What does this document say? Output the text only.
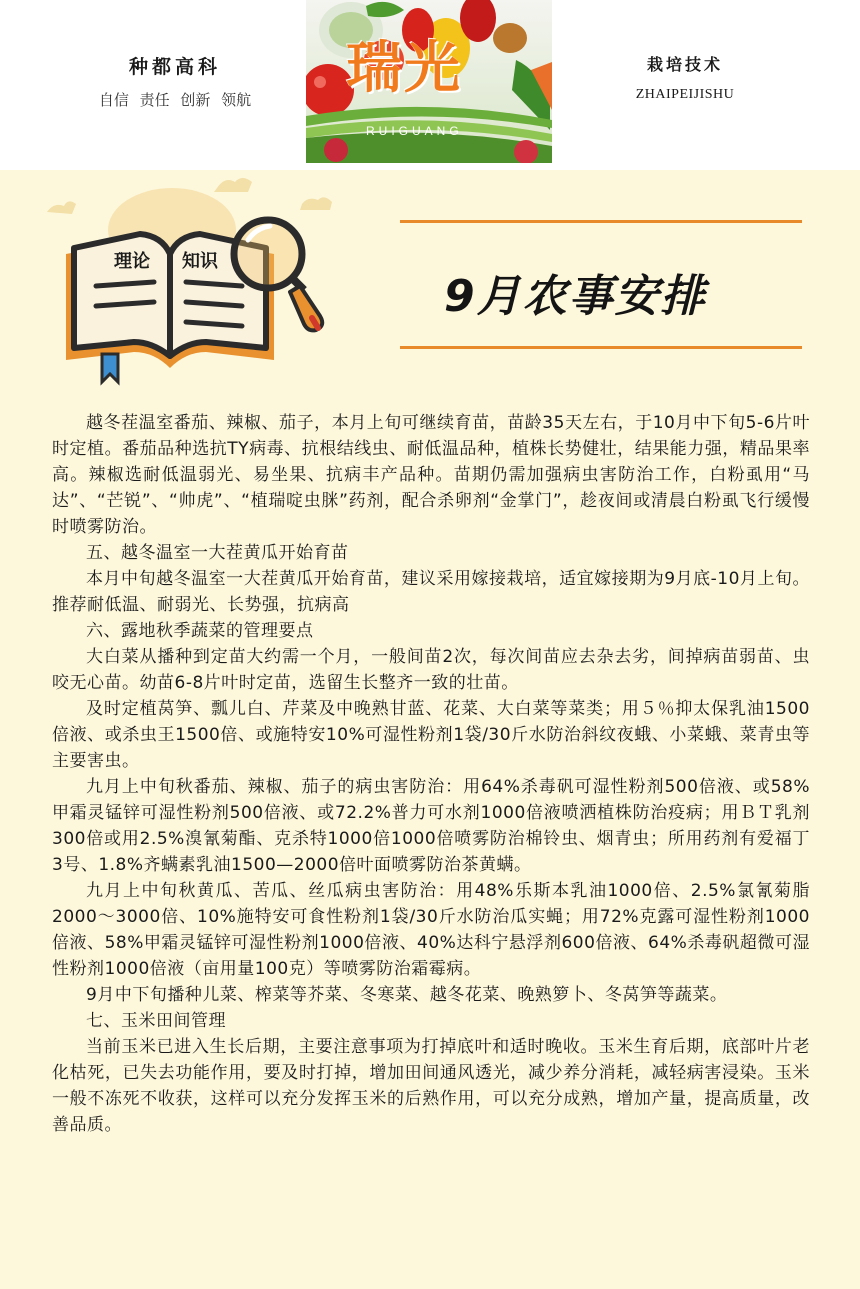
种都高科
自信 责任 创新 领航	瑞光
RUIGUANG
栽培技术
ZHAIPEIJISHU
理论 知识
9月农事安排

越冬茬温室番茄、辣椒、茄子，本月上旬可继续育苗，苗龄35天左右，于10月中下旬5-6片叶时定植。番茄品种选抗TY病毒、抗根结线虫、耐低温品种，植株长势健壮，结果能力强，精品果率高。辣椒选耐低温弱光、易坐果、抗病丰产品种。苗期仍需加强病虫害防治工作，白粉虱用“马达”、“芒锐”、“帅虎”、“植瑞啶虫脒”药剂，配合杀卵剂“金掌门”，趁夜间或清晨白粉虱飞行缓慢时喷雾防治。

五、越冬温室一大茬黄瓜开始育苗

本月中旬越冬温室一大茬黄瓜开始育苗，建议采用嫁接栽培，适宜嫁接期为9月底-10月上旬。推荐耐低温、耐弱光、长势强，抗病高

六、露地秋季蔬菜的管理要点

大白菜从播种到定苗大约需一个月，一般间苗2次，每次间苗应去杂去劣，间掉病苗弱苗、虫咬无心苗。幼苗6-8片叶时定苗，选留生长整齐一致的壮苗。

及时定植莴笋、瓢儿白、芹菜及中晚熟甘蓝、花菜、大白菜等菜类；用５％抑太保乳油1500倍液、或杀虫王1500倍、或施特安10%可湿性粉剂1袋/30斤水防治斜纹夜蛾、小菜蛾、菜青虫等主要害虫。

九月上中旬秋番茄、辣椒、茄子的病虫害防治：用64%杀毒矾可湿性粉剂500倍液、或58%甲霜灵锰锌可湿性粉剂500倍液、或72.2%普力可水剂1000倍液喷洒植株防治疫病；用ＢＴ乳剂300倍或用2.5%溴氰菊酯、克杀特1000倍1000倍喷雾防治棉铃虫、烟青虫；所用药剂有爱福丁3号、1.8%齐螨素乳油1500—2000倍叶面喷雾防治茶黄螨。

九月上中旬秋黄瓜、苦瓜、丝瓜病虫害防治：用48%乐斯本乳油1000倍、2.5%氯氰菊脂2000～3000倍、10%施特安可食性粉剂1袋/30斤水防治瓜实蝇；用72%克露可湿性粉剂1000倍液、58%甲霜灵锰锌可湿性粉剂1000倍液、40%达科宁悬浮剂600倍液、64%杀毒矾超微可湿性粉剂1000倍液（亩用量100克）等喷雾防治霜霉病。

9月中下旬播种儿菜、榨菜等芥菜、冬寒菜、越冬花菜、晚熟箩卜、冬莴笋等蔬菜。

七、玉米田间管理

当前玉米已进入生长后期，主要注意事项为打掉底叶和适时晚收。玉米生育后期，底部叶片老化枯死，已失去功能作用，要及时打掉，增加田间通风透光，减少养分消耗，减轻病害浸染。玉米一般不冻死不收获，这样可以充分发挥玉米的后熟作用，可以充分成熟，增加产量，提高质量，改善品质。
